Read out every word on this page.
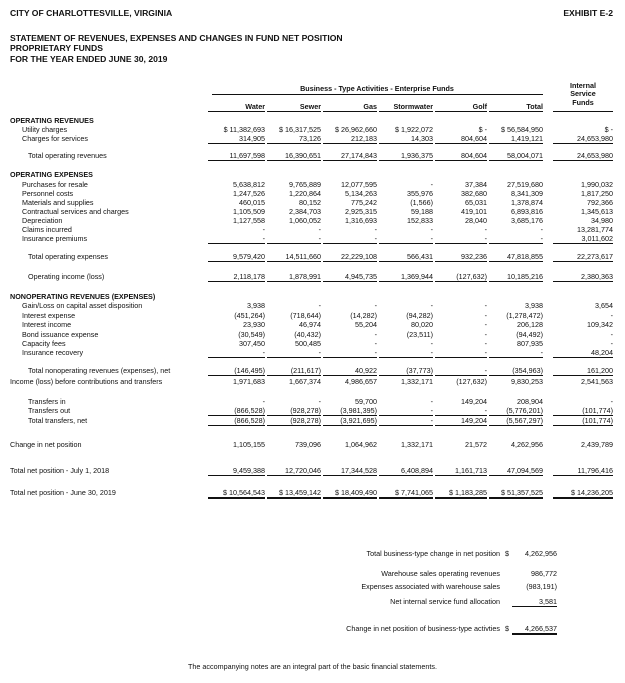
CITY OF CHARLOTTESVILLE, VIRGINIA	EXHIBIT E-2
STATEMENT OF REVENUES, EXPENSES AND CHANGES IN FUND NET POSITION
PROPRIETARY FUNDS
FOR THE YEAR ENDED JUNE 30, 2019
Business - Type Activities - Enterprise Funds	Internal
Service
Funds
Water	Sewer	Gas	Stormwater	Golf	Total
OPERATING REVENUES
Utility charges	$ 11,382,693	$ 16,317,525	$ 26,962,660	$ 1,922,072	$ -	$ 56,584,950	$ -
Charges for services	314,905	73,126	212,183	14,303	804,604	1,419,121	24,653,980
Total operating revenues	11,697,598	16,390,651	27,174,843	1,936,375	804,604	58,004,071	24,653,980
OPERATING EXPENSES
Purchases for resale	5,638,812	9,765,889	12,077,595	-	37,384	27,519,680	1,990,032
Personnel costs	1,247,526	1,220,864	5,134,263	355,976	382,680	8,341,309	1,817,250
Materials and supplies	460,015	80,152	775,242	(1,566)	65,031	1,378,874	792,366
Contractual services and charges	1,105,509	2,384,703	2,925,315	59,188	419,101	6,893,816	1,345,613
Depreciation	1,127,558	1,060,052	1,316,693	152,833	28,040	3,685,176	34,980
Claims incurred	-	-	-	-	-	-	13,281,774
Insurance premiums	-	-	-	-	-	-	3,011,602
Total operating expenses	9,579,420	14,511,660	22,229,108	566,431	932,236	47,818,855	22,273,617
Operating income (loss)	2,118,178	1,878,991	4,945,735	1,369,944	(127,632)	10,185,216	2,380,363
NONOPERATING REVENUES (EXPENSES)
Gain/Loss on capital asset disposition	3,938	-	-	-	-	3,938	3,654
Interest expense	(451,264)	(718,644)	(14,282)	(94,282)	-	(1,278,472)	-
Interest income	23,930	46,974	55,204	80,020	-	206,128	109,342
Bond issuance expense	(30,549)	(40,432)	-	(23,511)	-	(94,492)	-
Capacity fees	307,450	500,485	-	-	-	807,935	-
Insurance recovery	-	-	-	-	-	-	48,204
Total nonoperating revenues (expenses), net	(146,495)	(211,617)	40,922	(37,773)	-	(354,963)	161,200
Income (loss) before contributions and transfers	1,971,683	1,667,374	4,986,657	1,332,171	(127,632)	9,830,253	2,541,563
Transfers in	-	-	59,700	-	149,204	208,904	-
Transfers out	(866,528)	(928,278)	(3,981,395)	-	-	(5,776,201)	(101,774)
Total transfers, net	(866,528)	(928,278)	(3,921,695)	-	149,204	(5,567,297)	(101,774)
Change in net position	1,105,155	739,096	1,064,962	1,332,171	21,572	4,262,956	2,439,789
Total net position - July 1, 2018	9,459,388	12,720,046	17,344,528	6,408,894	1,161,713	47,094,569	11,796,416
Total net position - June 30, 2019	$ 10,564,543	$ 13,459,142	$ 18,409,490	$ 7,741,065	$ 1,183,285	$ 51,357,525	$ 14,236,205
Total business-type change in net position $	4,262,956
Warehouse sales operating revenues	986,772
Expenses associated with warehouse sales	(983,191)
Net internal service fund allocation	3,581
Change in net position of business-type activties $	4,266,537
The accompanying notes are an integral part of the basic financial statements.
